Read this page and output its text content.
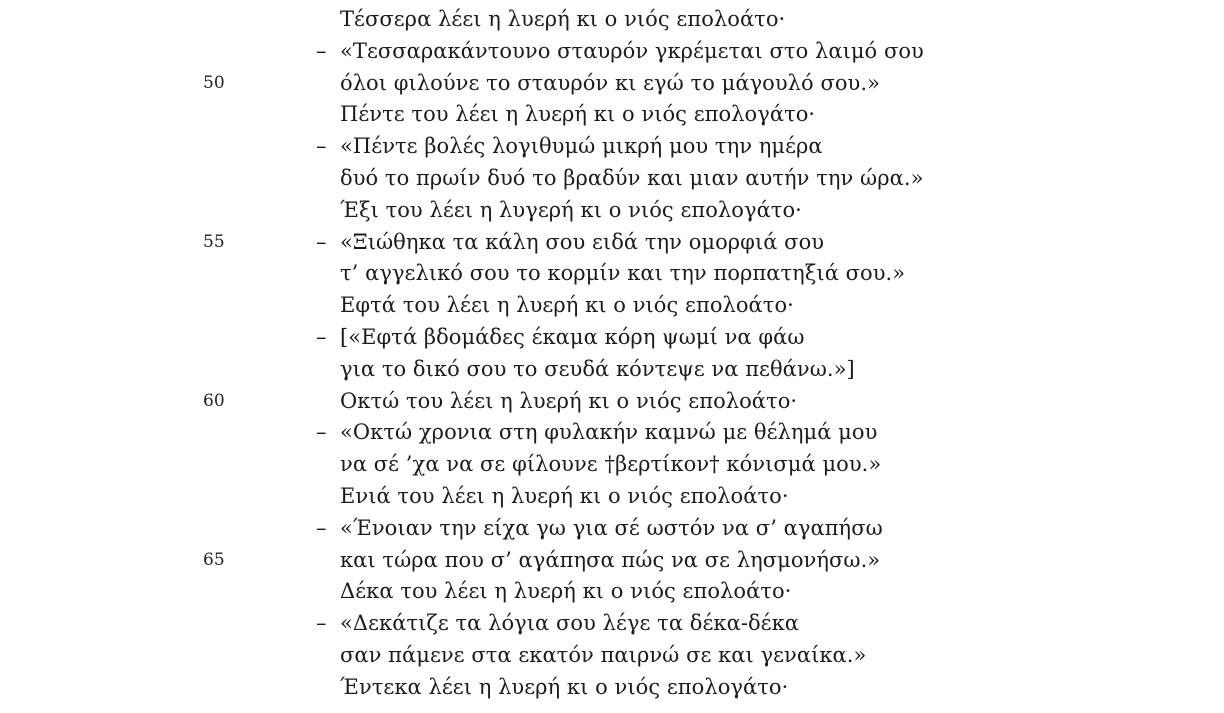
Τέσσερα λέει η λυερή κι ο νιός επολοάτο·
– «Τεσσαρακάντουνο σταυρόν γκρέμεται στο λαιμό σου
50	όλοι φιλούνε το σταυρόν κι εγώ το μάγουλό σου.»
Πέντε του λέει η λυερή κι ο νιός επολογάτο·
– «Πέντε βολές λογιθυμώ μικρή μου την ημέρα
δυό το πρωίν δυό το βραδύν και μιαν αυτήν την ώρα.»
Έξι του λέει η λυγερή κι ο νιός επολογάτο·
55	– «Ξιώθηκα τα κάλη σου ειδά την ομορφιά σου
τ’ αγγελικό σου το κορμίν και την πορπατηξιά σου.»
Εφτά του λέει η λυερή κι ο νιός επολοάτο·
– [«Εφτά βδομάδες έκαμα κόρη ψωμί να φάω
για το δικό σου το σευδά κόντεψε να πεθάνω.»]
60	Οκτώ του λέει η λυερή κι ο νιός επολοάτο·
– «Οκτώ χρονια στη φυλακήν καμνώ με θέλημά μου
να σέ ’χα να σε φίλουνε †βερτίκον† κόνισμά μου.»
Ενιά του λέει η λυερή κι ο νιός επολοάτο·
– «Ένοιαν την είχα γω για σέ ωστόν να σ’ αγαπήσω
65	και τώρα που σ’ αγάπησα πώς να σε λησμονήσω.»
Δέκα του λέει η λυερή κι ο νιός επολοάτο·
– «Δεκάτιζε τα λόγια σου λέγε τα δέκα-δέκα
σαν πάμενε στα εκατόν παιρνώ σε και γεναίκα.»
Έντεκα λέει η λυερή κι ο νιός επολογάτο·
